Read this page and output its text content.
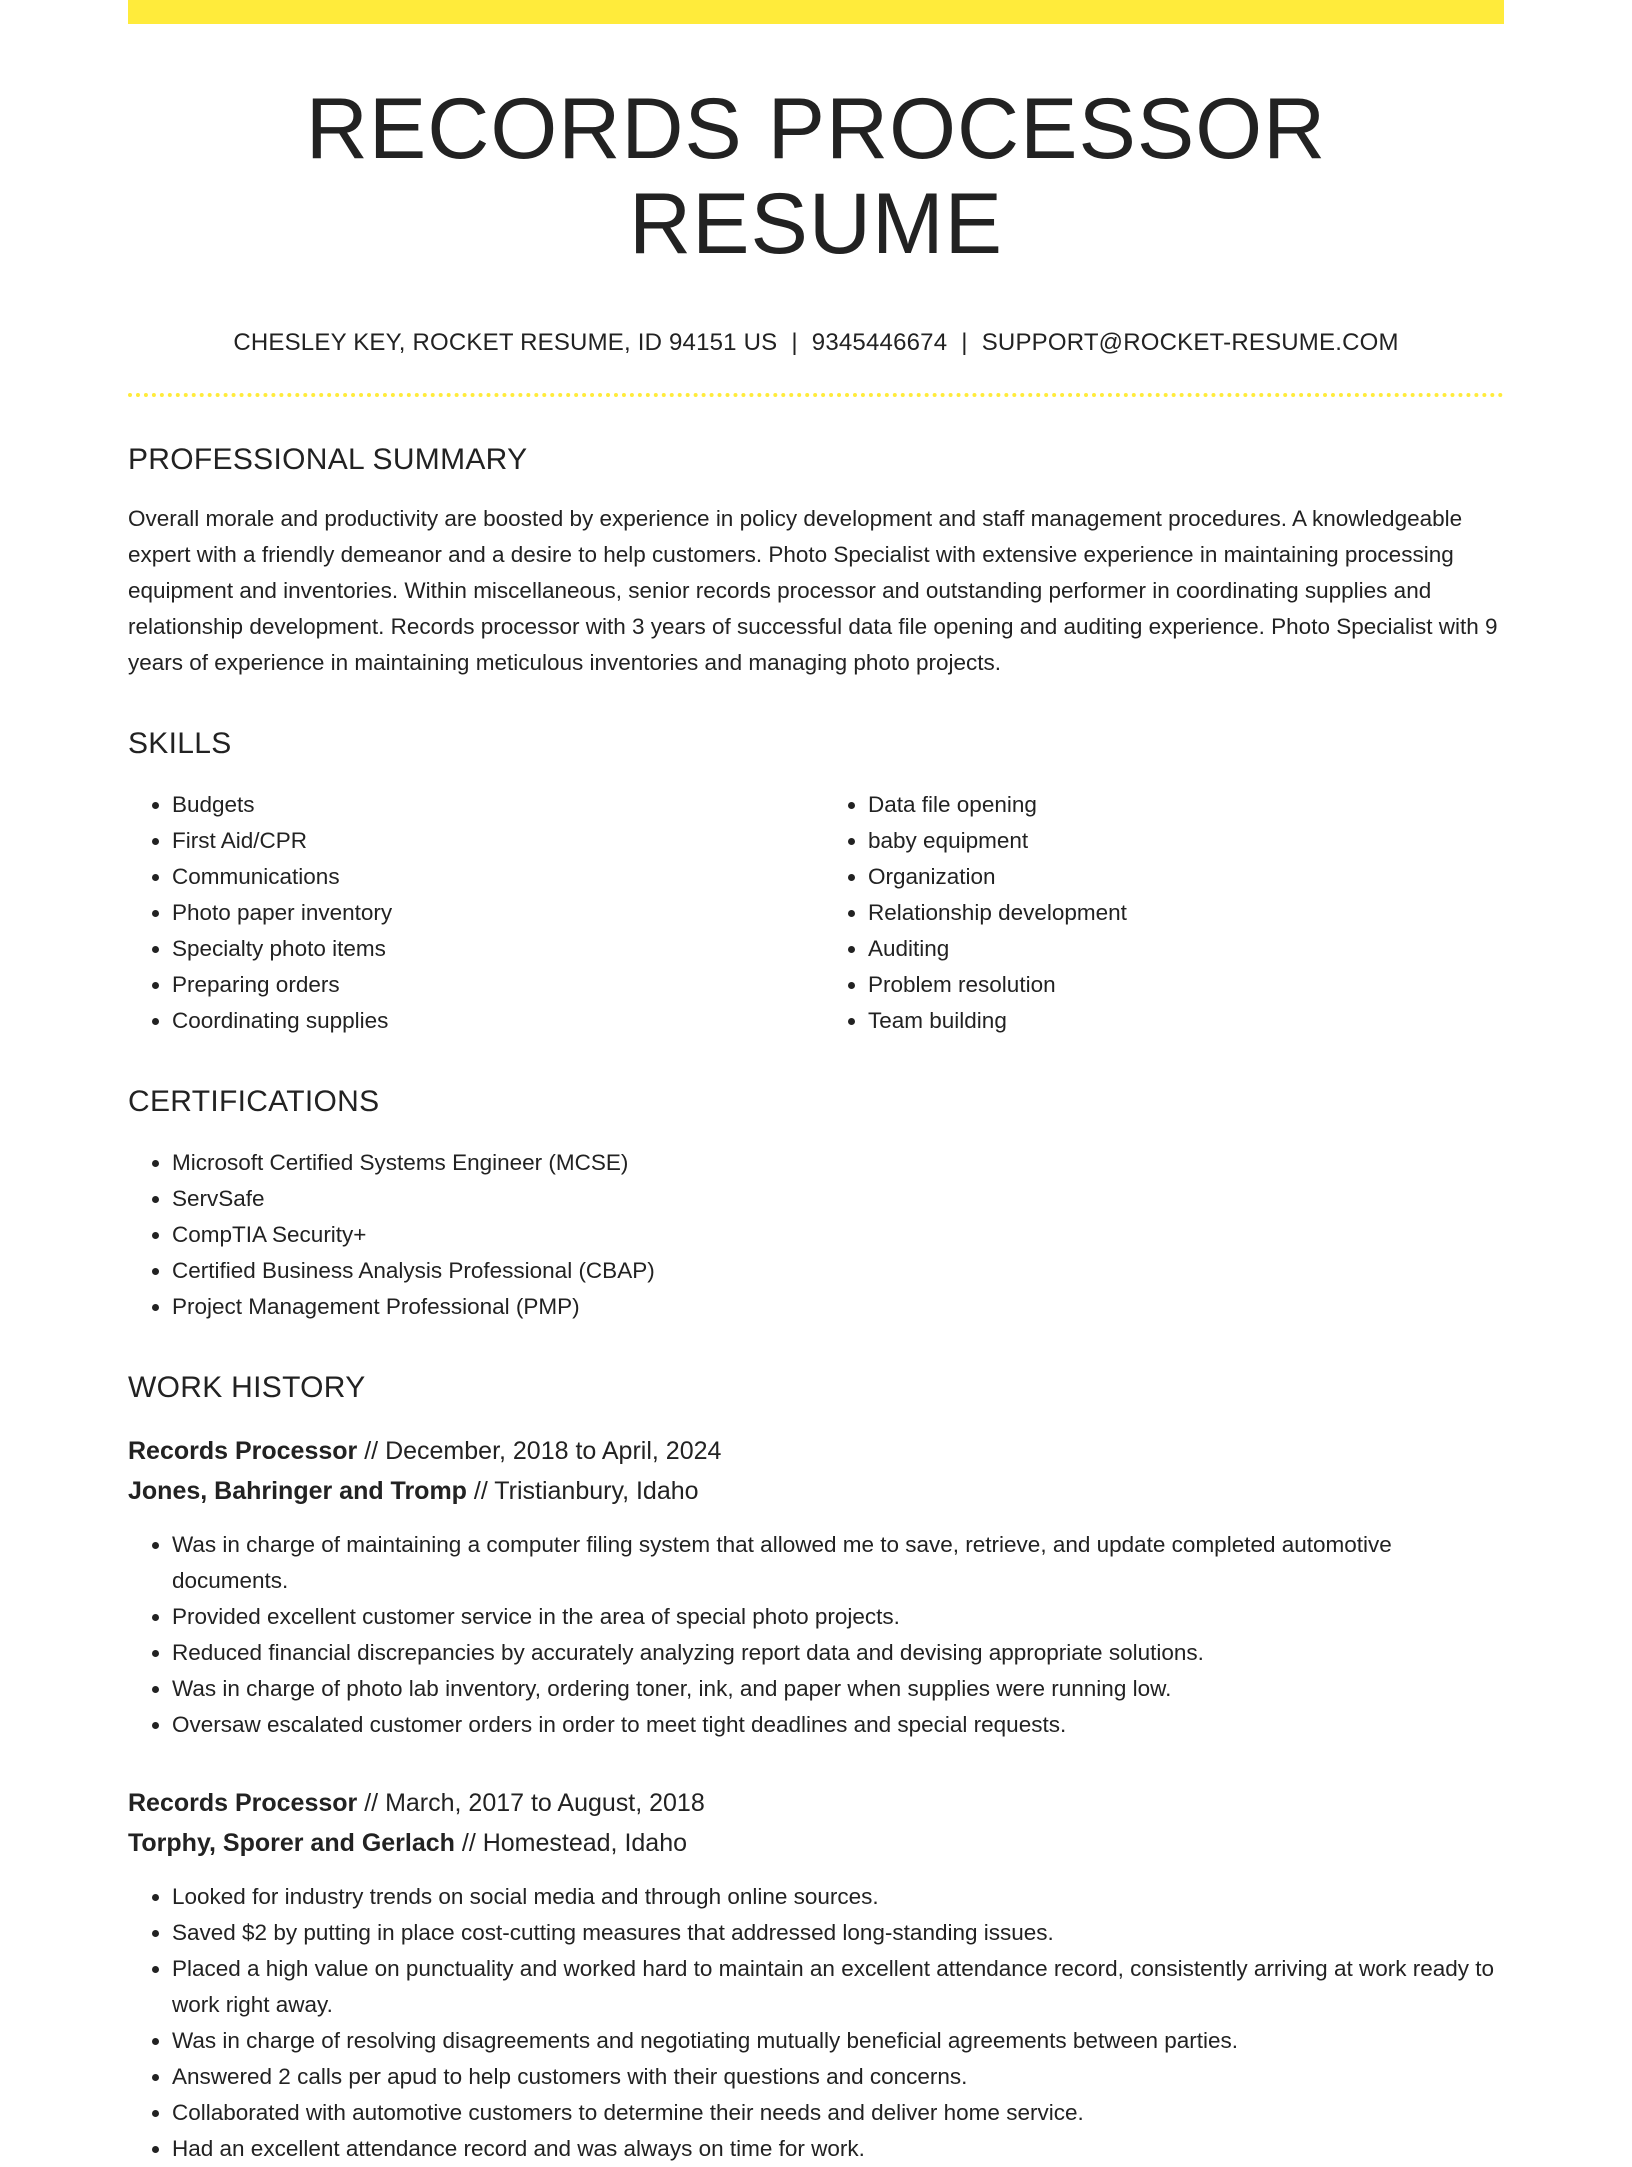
RECORDS PROCESSOR RESUME
CHESLEY KEY, ROCKET RESUME, ID 94151 US | 9345446674 | SUPPORT@ROCKET-RESUME.COM
PROFESSIONAL SUMMARY

Overall morale and productivity are boosted by experience in policy development and staff management procedures. A knowledgeable expert with a friendly demeanor and a desire to help customers. Photo Specialist with extensive experience in maintaining processing equipment and inventories. Within miscellaneous, senior records processor and outstanding performer in coordinating supplies and relationship development. Records processor with 3 years of successful data file opening and auditing experience. Photo Specialist with 9 years of experience in maintaining meticulous inventories and managing photo projects.

SKILLS
• Budgets
• First Aid/CPR
• Communications
• Photo paper inventory
• Specialty photo items
• Preparing orders
• Coordinating supplies
• Data file opening
• baby equipment
• Organization
• Relationship development
• Auditing
• Problem resolution
• Team building
CERTIFICATIONS
• Microsoft Certified Systems Engineer (MCSE)
• ServSafe
• CompTIA Security+
• Certified Business Analysis Professional (CBAP)
• Project Management Professional (PMP)
WORK HISTORY
Records Processor // December, 2018 to April, 2024
Jones, Bahringer and Tromp // Tristianbury, Idaho
• Was in charge of maintaining a computer filing system that allowed me to save, retrieve, and update completed automotive documents.
• Provided excellent customer service in the area of special photo projects.
• Reduced financial discrepancies by accurately analyzing report data and devising appropriate solutions.
• Was in charge of photo lab inventory, ordering toner, ink, and paper when supplies were running low.
• Oversaw escalated customer orders in order to meet tight deadlines and special requests.
Records Processor // March, 2017 to August, 2018
Torphy, Sporer and Gerlach // Homestead, Idaho
• Looked for industry trends on social media and through online sources.
• Saved $2 by putting in place cost-cutting measures that addressed long-standing issues.
• Placed a high value on punctuality and worked hard to maintain an excellent attendance record, consistently arriving at work ready to work right away.
• Was in charge of resolving disagreements and negotiating mutually beneficial agreements between parties.
• Answered 2 calls per apud to help customers with their questions and concerns.
• Collaborated with automotive customers to determine their needs and deliver home service.
• Had an excellent attendance record and was always on time for work.
